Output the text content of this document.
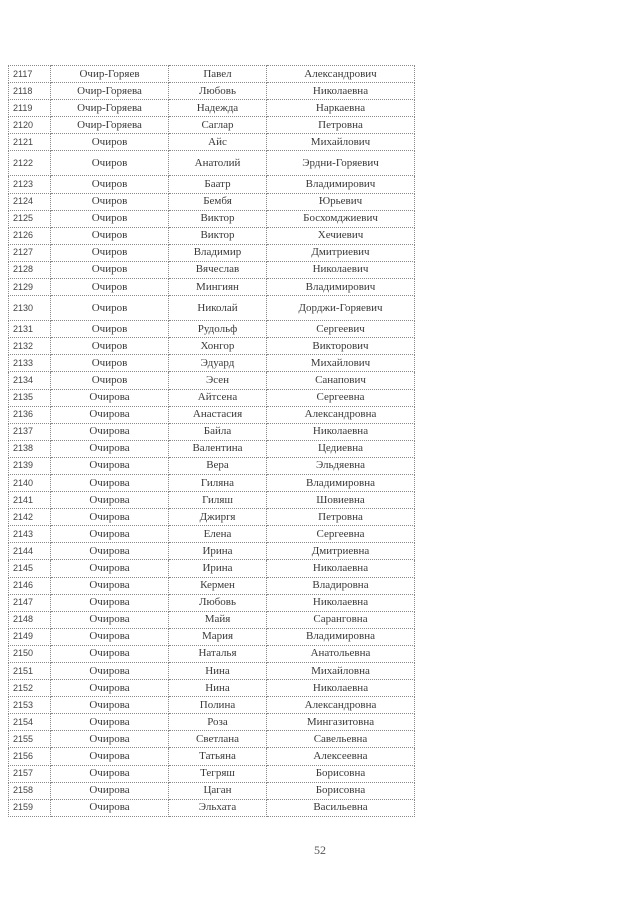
2117	Очир-Горяев	Павел	Александрович
2118	Очир-Горяева	Любовь	Николаевна
2119	Очир-Горяева	Надежда	Наркаевна
2120	Очир-Горяева	Саглар	Петровна
2121	Очиров	Айс	Михайлович
2122	Очиров	Анатолий	Эрдни-Горяевич
2123	Очиров	Баатр	Владимирович
2124	Очиров	Бембя	Юрьевич
2125	Очиров	Виктор	Босхомджиевич
2126	Очиров	Виктор	Хечиевич
2127	Очиров	Владимир	Дмитриевич
2128	Очиров	Вячеслав	Николаевич
2129	Очиров	Мингиян	Владимирович
2130	Очиров	Николай	Дорджи-Горяевич
2131	Очиров	Рудольф	Сергеевич
2132	Очиров	Хонгор	Викторович
2133	Очиров	Эдуард	Михайлович
2134	Очиров	Эсен	Санапович
2135	Очирова	Айтсена	Сергеевна
2136	Очирова	Анастасия	Александровна
2137	Очирова	Байла	Николаевна
2138	Очирова	Валентина	Цедиевна
2139	Очирова	Вера	Эльдяевна
2140	Очирова	Гиляна	Владимировна
2141	Очирова	Гиляш	Шовиевна
2142	Очирова	Джиргя	Петровна
2143	Очирова	Елена	Сергеевна
2144	Очирова	Ирина	Дмитриевна
2145	Очирова	Ирина	Николаевна
2146	Очирова	Кермен	Владировна
2147	Очирова	Любовь	Николаевна
2148	Очирова	Майя	Саранговна
2149	Очирова	Мария	Владимировна
2150	Очирова	Наталья	Анатольевна
2151	Очирова	Нина	Михайловна
2152	Очирова	Нина	Николаевна
2153	Очирова	Полина	Александровна
2154	Очирова	Роза	Мингазитовна
2155	Очирова	Светлана	Савельевна
2156	Очирова	Татьяна	Алексеевна
2157	Очирова	Тегряш	Борисовна
2158	Очирова	Цаган	Борисовна
2159	Очирова	Эльхата	Васильевна
52
